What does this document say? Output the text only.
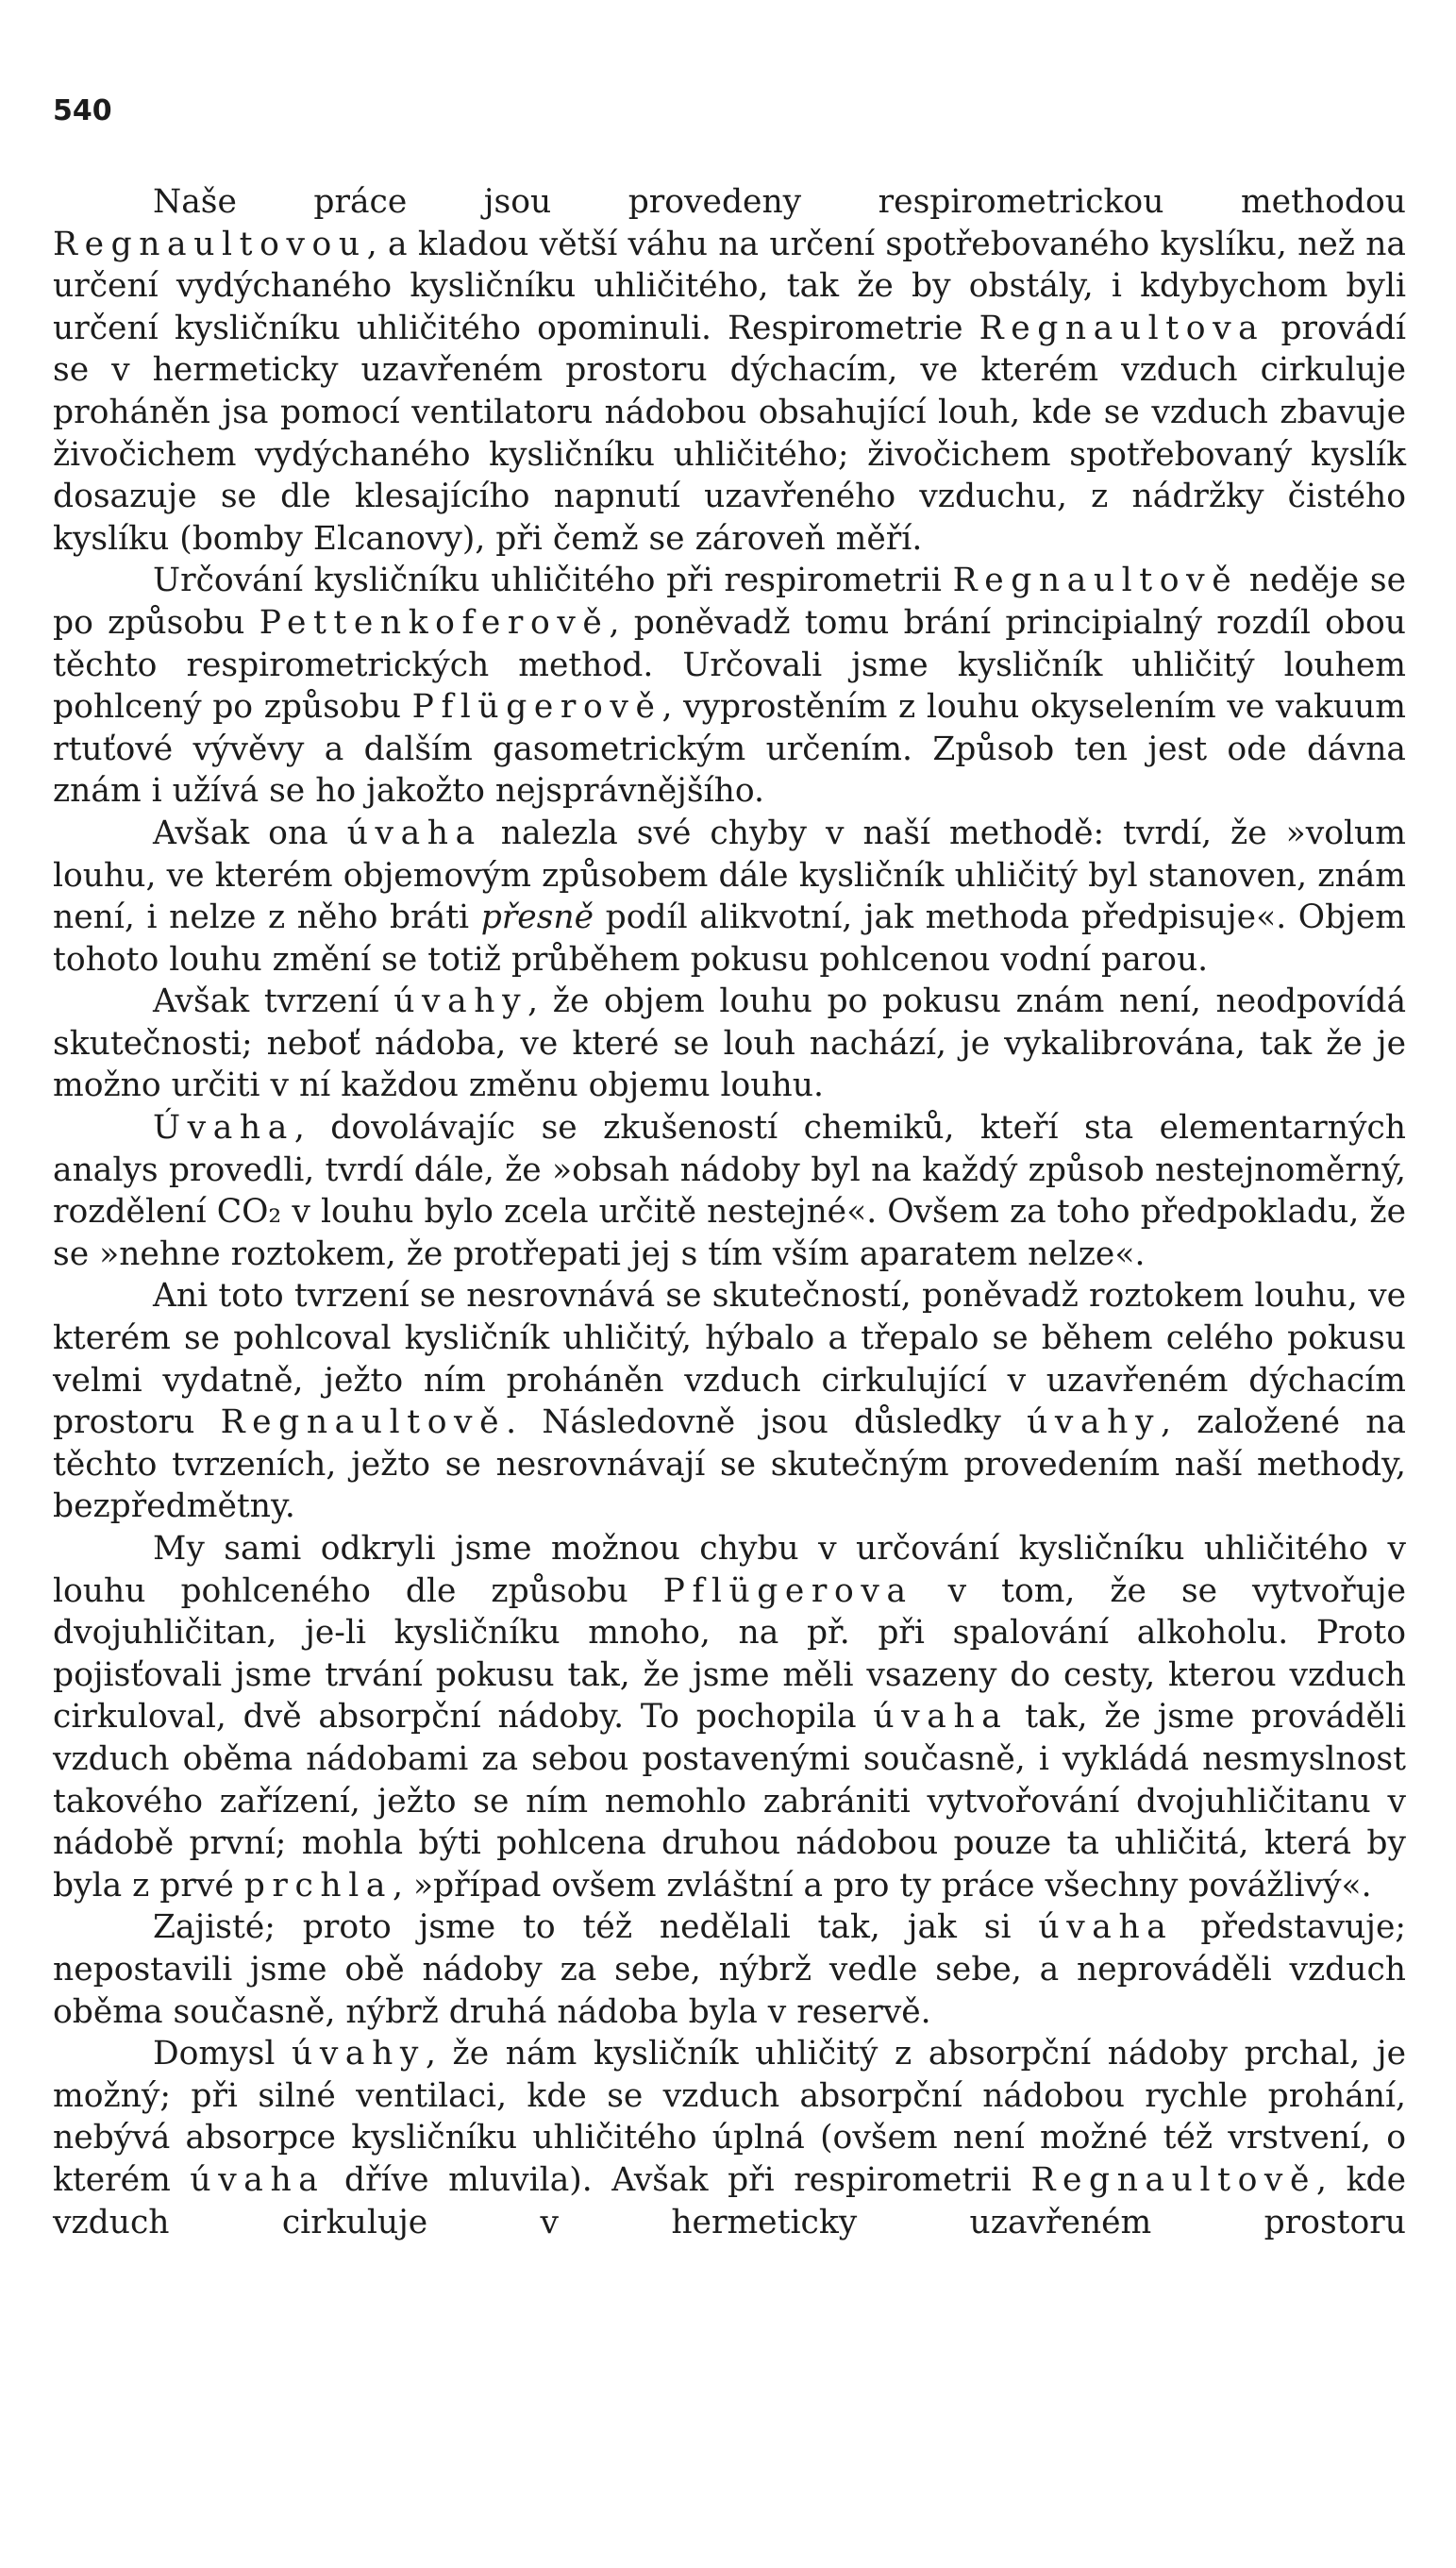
540

Naše práce jsou provedeny respirometrickou methodou Regnaultovou, a kladou větší váhu na určení spotřebovaného kyslíku, než na určení vydýchaného kysličníku uhličitého, tak že by obstály, i kdybychom byli určení kysličníku uhličitého opominuli. Respirometrie Regnaultova provádí se v hermeticky uzavřeném prostoru dýchacím, ve kterém vzduch cirkuluje proháněn jsa pomocí ventilatoru nádobou obsahující louh, kde se vzduch zbavuje živočichem vydýchaného kysličníku uhličitého; živočichem spotřebovaný kyslík dosazuje se dle klesajícího napnutí uzavřeného vzduchu, z nádržky čistého kyslíku (bomby Elcanovy), při čemž se zároveň měří.

Určování kysličníku uhličitého při respirometrii Regnaultově neděje se po způsobu Pettenkoferově, poněvadž tomu brání principialný rozdíl obou těchto respirometrických method. Určovali jsme kysličník uhličitý louhem pohlcený po způsobu Pflügerově, vyprostěním z louhu okyselením ve vakuum rtuťové vývěvy a dalším gasometrickým určením. Způsob ten jest ode dávna znám i užívá se ho jakožto nejsprávnějšího.

Avšak ona úvaha nalezla své chyby v naší methodě: tvrdí, že »volum louhu, ve kterém objemovým způsobem dále kysličník uhličitý byl stanoven, znám není, i nelze z něho bráti přesně podíl alikvotní, jak methoda předpisuje«. Objem tohoto louhu změní se totiž průběhem pokusu pohlcenou vodní parou.

Avšak tvrzení úvahy, že objem louhu po pokusu znám není, neodpovídá skutečnosti; neboť nádoba, ve které se louh nachází, je vykalibrována, tak že je možno určiti v ní každou změnu objemu louhu.

Úvaha, dovolávajíc se zkušeností chemiků, kteří sta elementarných analys provedli, tvrdí dále, že »obsah nádoby byl na každý způsob nestejnoměrný, rozdělení CO₂ v louhu bylo zcela určitě nestejné«. Ovšem za toho předpokladu, že se »nehne roztokem, že protřepati jej s tím vším aparatem nelze«.

Ani toto tvrzení se nesrovnává se skutečností, poněvadž roztokem louhu, ve kterém se pohlcoval kysličník uhličitý, hýbalo a třepalo se během celého pokusu velmi vydatně, ježto ním proháněn vzduch cirkulující v uzavřeném dýchacím prostoru Regnaultově. Následovně jsou důsledky úvahy, založené na těchto tvrzeních, ježto se nesrovnávají se skutečným provedením naší methody, bezpředmětny.

My sami odkryli jsme možnou chybu v určování kysličníku uhličitého v louhu pohlceného dle způsobu Pflügerova v tom, že se vytvořuje dvojuhličitan, je-li kysličníku mnoho, na př. při spalování alkoholu. Proto pojisťovali jsme trvání pokusu tak, že jsme měli vsazeny do cesty, kterou vzduch cirkuloval, dvě absorpční nádoby. To pochopila úvaha tak, že jsme prováděli vzduch oběma nádobami za sebou postavenými současně, i vykládá nesmyslnost takového zařízení, ježto se ním nemohlo zabrániti vytvořování dvojuhličitanu v nádobě první; mohla býti pohlcena druhou nádobou pouze ta uhličitá, která by byla z prvé prchla, »případ ovšem zvláštní a pro ty práce všechny povážlivý«.

Zajisté; proto jsme to též nedělali tak, jak si úvaha představuje; nepostavili jsme obě nádoby za sebe, nýbrž vedle sebe, a neprováděli vzduch oběma současně, nýbrž druhá nádoba byla v reservě.

Domysl úvahy, že nám kysličník uhličitý z absorpční nádoby prchal, je možný; při silné ventilaci, kde se vzduch absorpční nádobou rychle prohání, nebývá absorpce kysličníku uhličitého úplná (ovšem není možné též vrstvení, o kterém úvaha dříve mluvila). Avšak při respirometrii Regnaultově, kde vzduch cirkuluje v hermeticky uzavřeném prostoru
